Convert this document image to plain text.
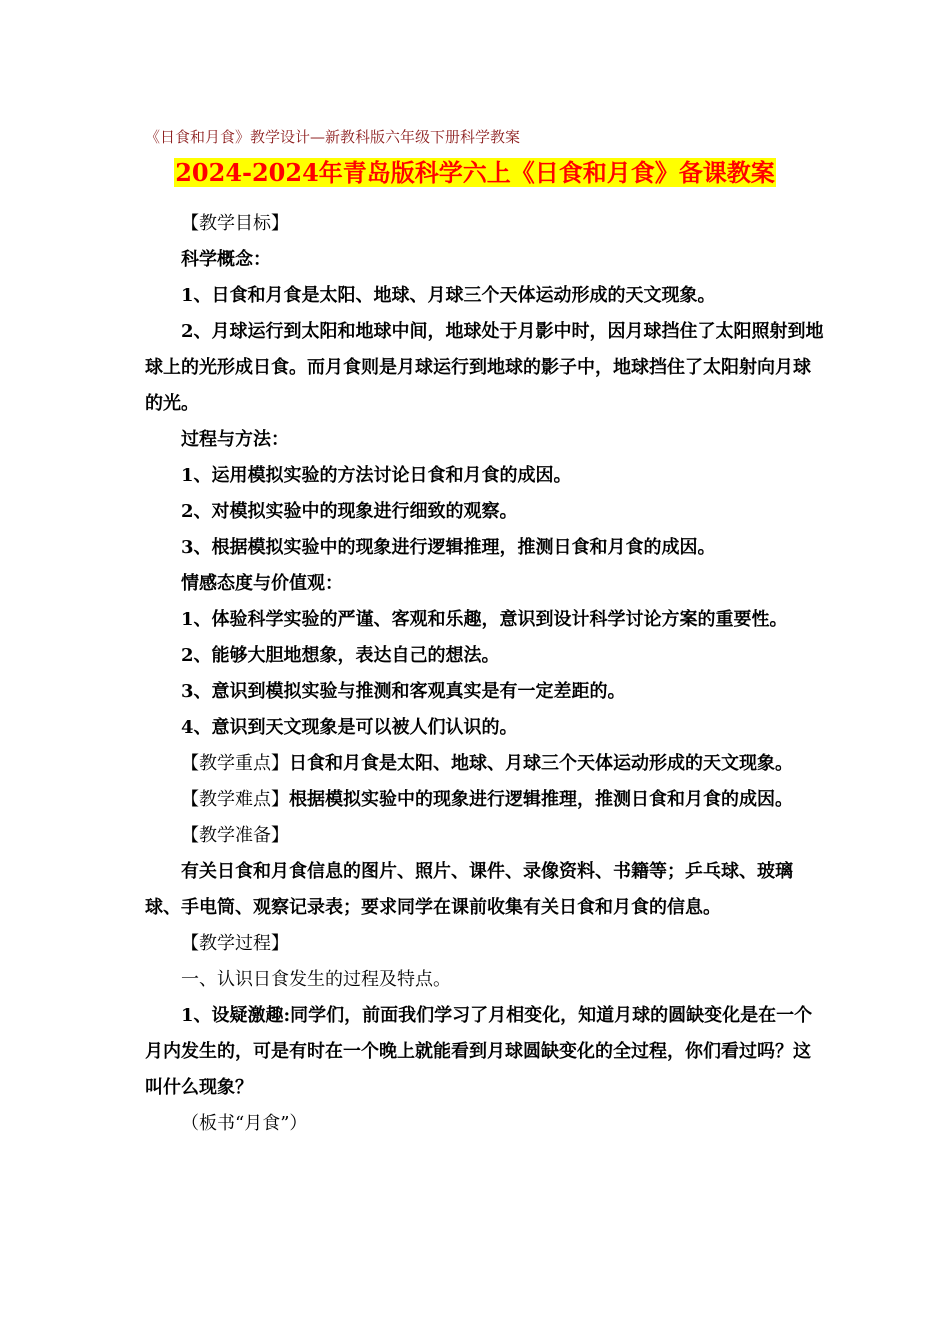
《日食和月食》教学设计—新教科版六年级下册科学教案
2024-2024年青岛版科学六上《日食和月食》备课教案

【教学目标】

科学概念：

1、日食和月食是太阳、地球、月球三个天体运动形成的天文现象。

2、月球运行到太阳和地球中间，地球处于月影中时，因月球挡住了太阳照射到地球上的光形成日食。而月食则是月球运行到地球的影子中，地球挡住了太阳射向月球的光。

过程与方法：

1、运用模拟实验的方法讨论日食和月食的成因。

2、对模拟实验中的现象进行细致的观察。

3、根据模拟实验中的现象进行逻辑推理，推测日食和月食的成因。

情感态度与价值观：

1、体验科学实验的严谨、客观和乐趣，意识到设计科学讨论方案的重要性。

2、能够大胆地想象，表达自己的想法。

3、意识到模拟实验与推测和客观真实是有一定差距的。

4、意识到天文现象是可以被人们认识的。

【教学重点】日食和月食是太阳、地球、月球三个天体运动形成的天文现象。

【教学难点】根据模拟实验中的现象进行逻辑推理，推测日食和月食的成因。

【教学准备】

有关日食和月食信息的图片、照片、课件、录像资料、书籍等；乒乓球、玻璃球、手电筒、观察记录表；要求同学在课前收集有关日食和月食的信息。

【教学过程】

一、认识日食发生的过程及特点。

1、设疑激趣:同学们，前面我们学习了月相变化，知道月球的圆缺变化是在一个月内发生的，可是有时在一个晚上就能看到月球圆缺变化的全过程，你们看过吗？这叫什么现象？

（板书“月食”）
